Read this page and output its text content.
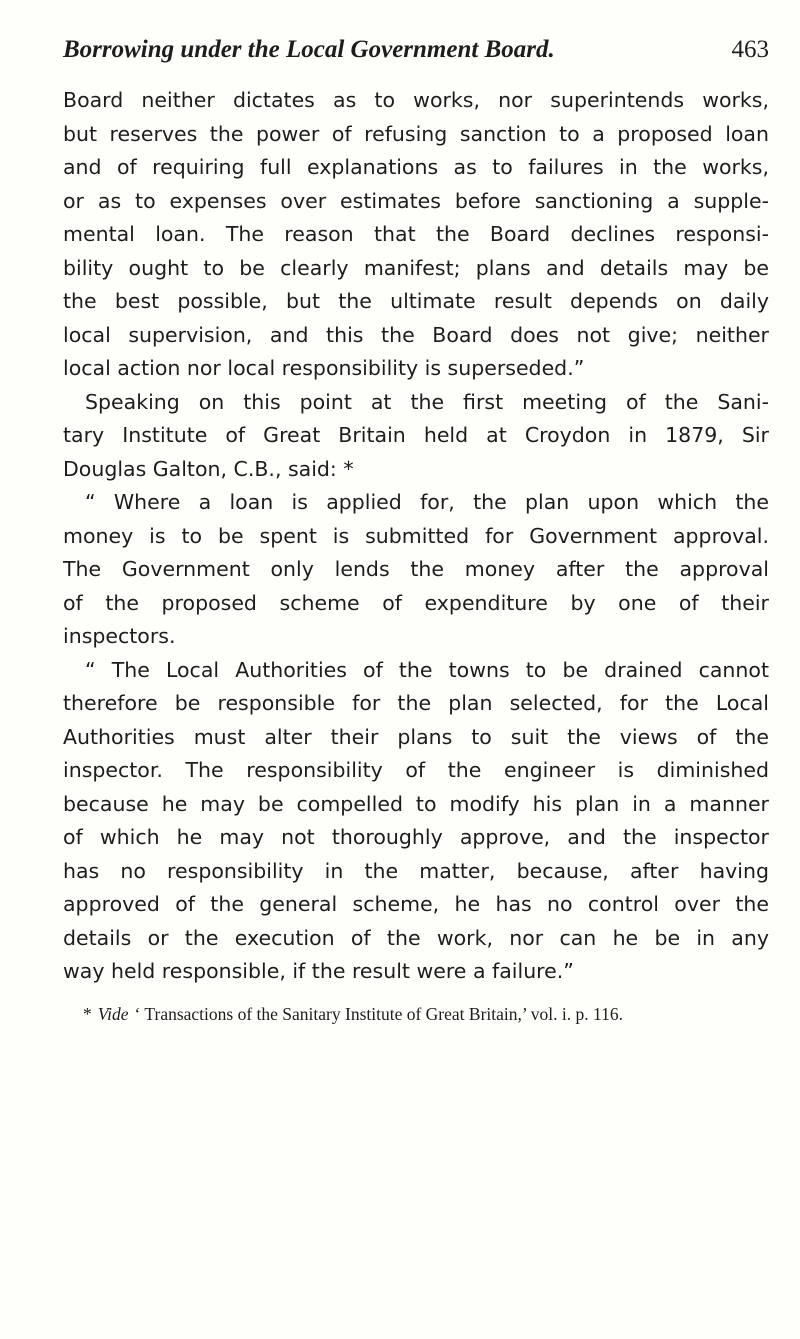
Borrowing under the Local Government Board.	463
Board neither dictates as to works, nor superintends works,
but reserves the power of refusing sanction to a proposed loan
and of requiring full explanations as to failures in the works,
or as to expenses over estimates before sanctioning a supple-
mental loan. The reason that the Board declines responsi-
bility ought to be clearly manifest; plans and details may be
the best possible, but the ultimate result depends on daily
local supervision, and this the Board does not give; neither
local action nor local responsibility is superseded.”
Speaking on this point at the first meeting of the Sani-
tary Institute of Great Britain held at Croydon in 1879, Sir
Douglas Galton, C.B., said: *
“ Where a loan is applied for, the plan upon which the
money is to be spent is submitted for Government approval.
The Government only lends the money after the approval
of the proposed scheme of expenditure by one of their
inspectors.
“ The Local Authorities of the towns to be drained cannot
therefore be responsible for the plan selected, for the Local
Authorities must alter their plans to suit the views of the
inspector. The responsibility of the engineer is diminished
because he may be compelled to modify his plan in a manner
of which he may not thoroughly approve, and the inspector
has no responsibility in the matter, because, after having
approved of the general scheme, he has no control over the
details or the execution of the work, nor can he be in any
way held responsible, if the result were a failure.”
* Vide ‘ Transactions of the Sanitary Institute of Great Britain,’ vol. i. p. 116.
